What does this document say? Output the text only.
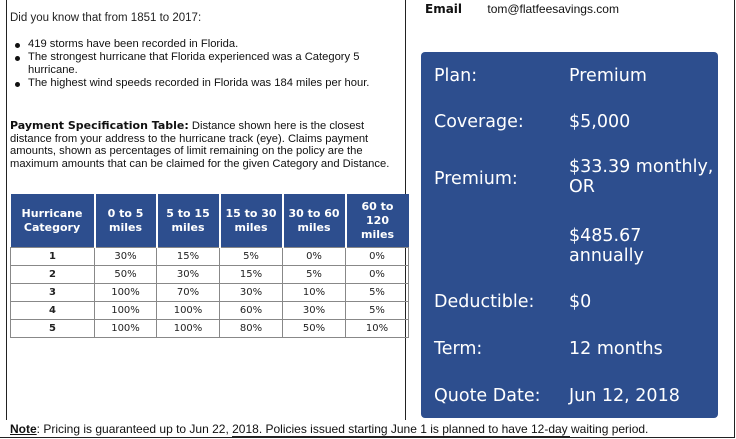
Did you know that from 1851 to 2017:
419 storms have been recorded in Florida.
The strongest hurricane that Florida experienced was a Category 5 hurricane.
The highest wind speeds recorded in Florida was 184 miles per hour.
Payment Specification Table: Distance shown here is the closest distance from your address to the hurricane track (eye). Claims payment amounts, shown as percentages of limit remaining on the policy are the maximum amounts that can be claimed for the given Category and Distance.
Hurricane Category	0 to 5 miles	5 to 15 miles	15 to 30 miles	30 to 60 miles	60 to 120 miles
1	30%	15%	5%	0%	0%
2	50%	30%	15%	5%	0%
3	100%	70%	30%	10%	5%
4	100%	100%	60%	30%	5%
5	100%	100%	80%	50%	10%
Email tom@flatfeesavings.com
Plan:	Premium
Coverage:	$5,000
Premium:
$33.39 monthly, OR
$485.67 annually
Deductible: $0
Term:	12 months
Quote Date: Jun 12, 2018
Note: Pricing is guaranteed up to Jun 22, 2018. Policies issued starting June 1 is planned to have 12-day waiting period.
